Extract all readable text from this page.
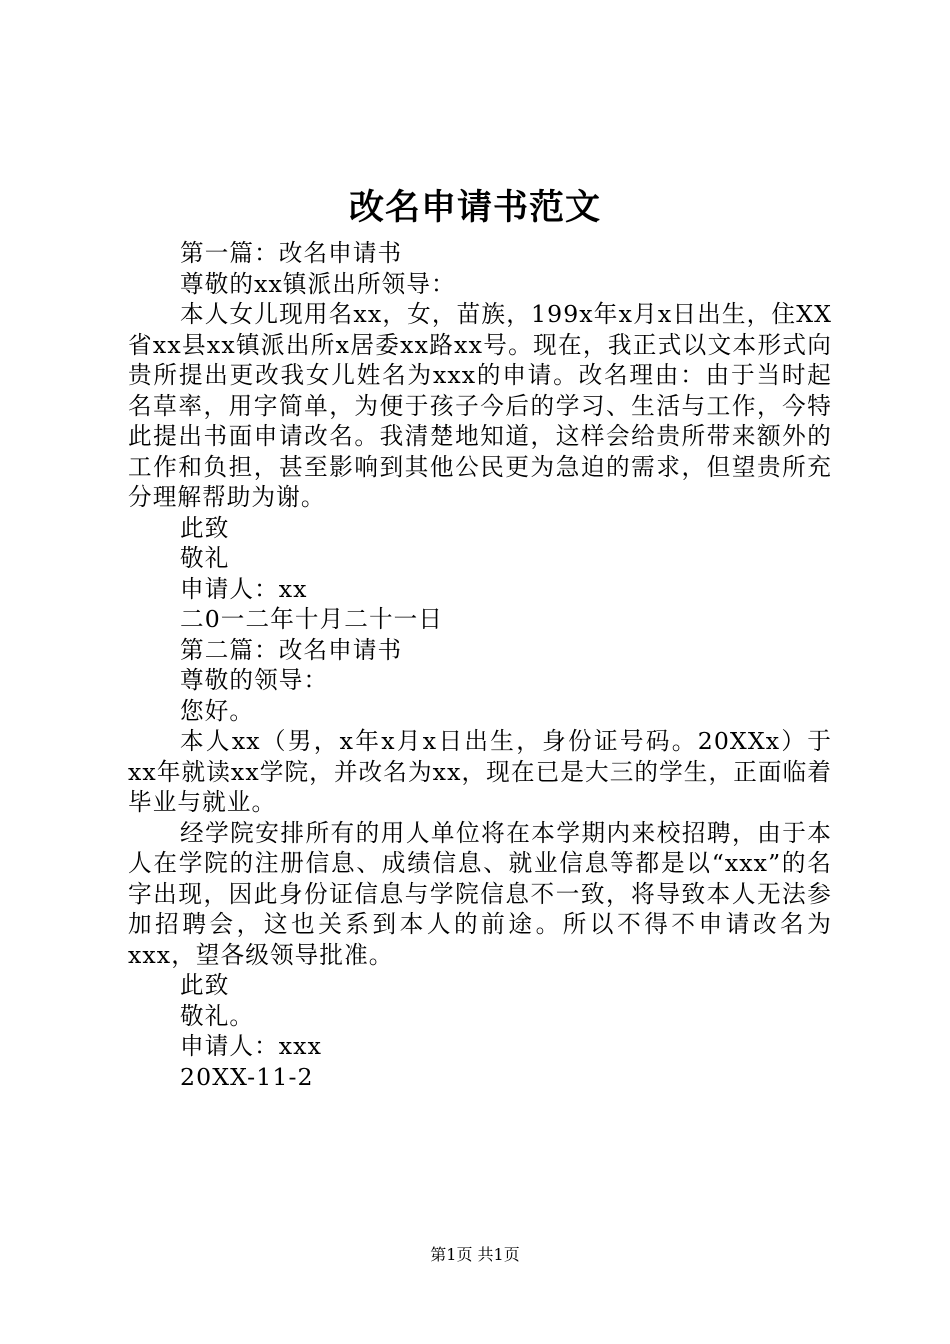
改名申请书范文

第一篇：改名申请书

尊敬的xx镇派出所领导：

本人女儿现用名xx，女，苗族，199x年x月x日出生，住XX省xx县xx镇派出所x居委xx路xx号。现在，我正式以文本形式向贵所提出更改我女儿姓名为xxx的申请。改名理由：由于当时起名草率，用字简单，为便于孩子今后的学习、生活与工作，今特此提出书面申请改名。我清楚地知道，这样会给贵所带来额外的工作和负担，甚至影响到其他公民更为急迫的需求，但望贵所充分理解帮助为谢。

此致

敬礼

申请人：xx

二0一二年十月二十一日

第二篇：改名申请书

尊敬的领导：

您好。

本人xx（男，x年x月x日出生，身份证号码。20XXx）于xx年就读xx学院，并改名为xx，现在已是大三的学生，正面临着毕业与就业。

经学院安排所有的用人单位将在本学期内来校招聘，由于本人在学院的注册信息、成绩信息、就业信息等都是以“xxx”的名字出现，因此身份证信息与学院信息不一致，将导致本人无法参加招聘会，这也关系到本人的前途。所以不得不申请改名为xxx，望各级领导批准。

此致

敬礼。

申请人：xxx

20XX-11-2

第1页 共1页
